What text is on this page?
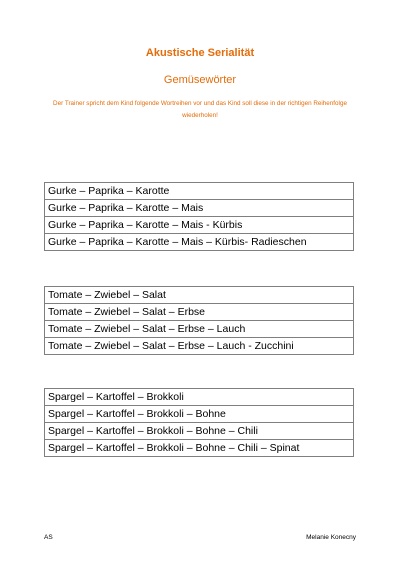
Akustische Serialität
Gemüsewörter
Der Trainer spricht dem Kind folgende Wortreihen vor und das Kind soll diese in der richtigen Reihenfolge wiederholen!
Gurke – Paprika – Karotte
Gurke – Paprika – Karotte – Mais
Gurke – Paprika – Karotte – Mais - Kürbis
Gurke – Paprika – Karotte – Mais – Kürbis- Radieschen
Tomate – Zwiebel – Salat
Tomate – Zwiebel – Salat – Erbse
Tomate – Zwiebel – Salat – Erbse – Lauch
Tomate – Zwiebel – Salat – Erbse – Lauch - Zucchini
Spargel – Kartoffel – Brokkoli
Spargel – Kartoffel – Brokkoli – Bohne
Spargel – Kartoffel – Brokkoli – Bohne – Chili
Spargel – Kartoffel – Brokkoli – Bohne – Chili – Spinat
AS	Melanie Konecny
